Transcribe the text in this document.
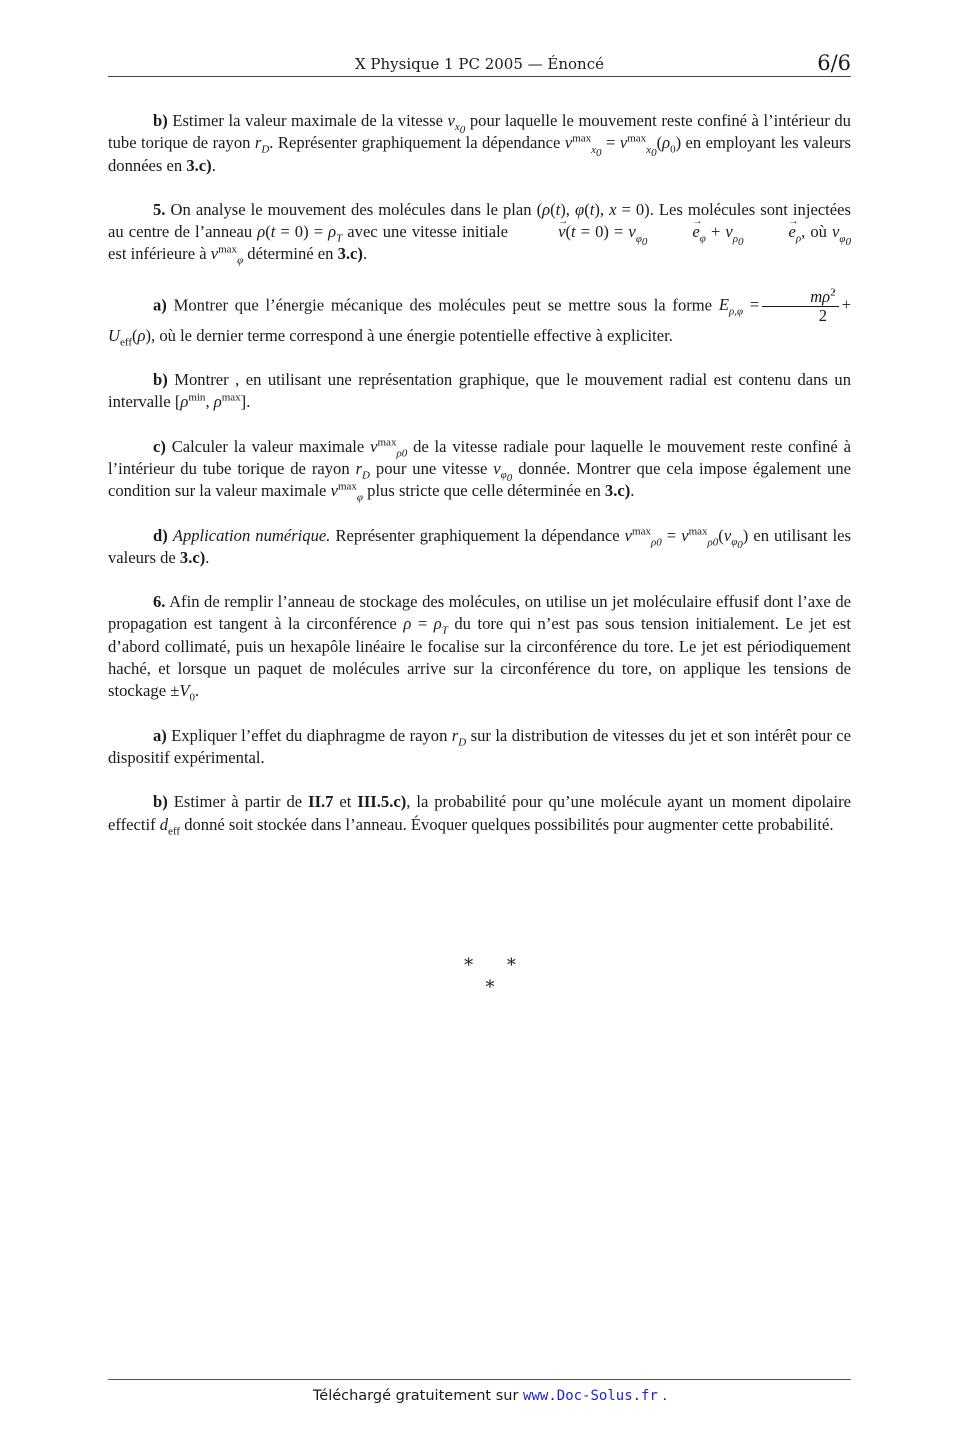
X Physique 1 PC 2005 — Énoncé	6/6

b) Estimer la valeur maximale de la vitesse $v_{x_0}$ pour laquelle le mouvement reste confiné à l’intérieur du tube torique de rayon $r_D$. Représenter graphiquement la dépendance $v^{max}_{x_0} = v^{max}_{x_0}(\rho_0)$ en employant les valeurs données en 3.c).

5. On analyse le mouvement des molécules dans le plan (ρ(t), φ(t), x = 0). Les molécules sont injectées au centre de l’anneau $\rho(t = 0) = \rho_T$ avec une vitesse initiale →	$v(t = 0) = v_{\varphi_0}\to e_\varphi + v_{\rho_0}\to e_\rho$, où $v_{\varphi_0}$ est inférieure à $v^{max}_\varphi$ déterminé en 3.c).

a) Montrer que l’énergie mécanique des molécules peut se mettre sous la forme $E_{\rho,\varphi} = \frac{m\rhȯ^2}{2} + U_{eff}(\rho)$, où le dernier terme correspond à une énergie potentielle effective à expliciter.

b) Montrer , en utilisant une représentation graphique, que le mouvement radial est contenu dans un intervalle [$\rho^{min}$, $\rho^{max}$].

c) Calculer la valeur maximale $v^{max}_{\rho 0}$ de la vitesse radiale pour laquelle le mouvement reste confiné à l’intérieur du tube torique de rayon $r_D$ pour une vitesse $v_{\varphi_0}$ donnée. Montrer que cela impose également une condition sur la valeur maximale $v^{max}_\varphi$ plus stricte que celle déterminée en 3.c).

d) Application numérique. Représenter graphiquement la dépendance $v^{max}_{\rho 0} = v^{max}_{\rho 0}(v_{\varphi_0})$ en utilisant les valeurs de 3.c).

6. Afin de remplir l’anneau de stockage des molécules, on utilise un jet moléculaire effusif dont l’axe de propagation est tangent à la circonférence $\rho = \rho_T$ du tore qui n’est pas sous tension initialement. Le jet est d’abord collimaté, puis un hexapôle linéaire le focalise sur la circonférence du tore. Le jet est périodiquement haché, et lorsque un paquet de molécules arrive sur la circonférence du tore, on applique les tensions de stockage $\pm V_0$.

a) Expliquer l’effet du diaphragme de rayon $r_D$ sur la distribution de vitesses du jet et son intérêt pour ce dispositif expérimental.

b) Estimer à partir de II.7 et III.5.c), la probabilité pour qu’une molécule ayant un moment dipolaire effectif $d_{eff}$ donné soit stockée dans l’anneau. Évoquer quelques possibilités pour augmenter cette probabilité.

* *
*
Téléchargé gratuitement sur www.Doc-Solus.fr .
